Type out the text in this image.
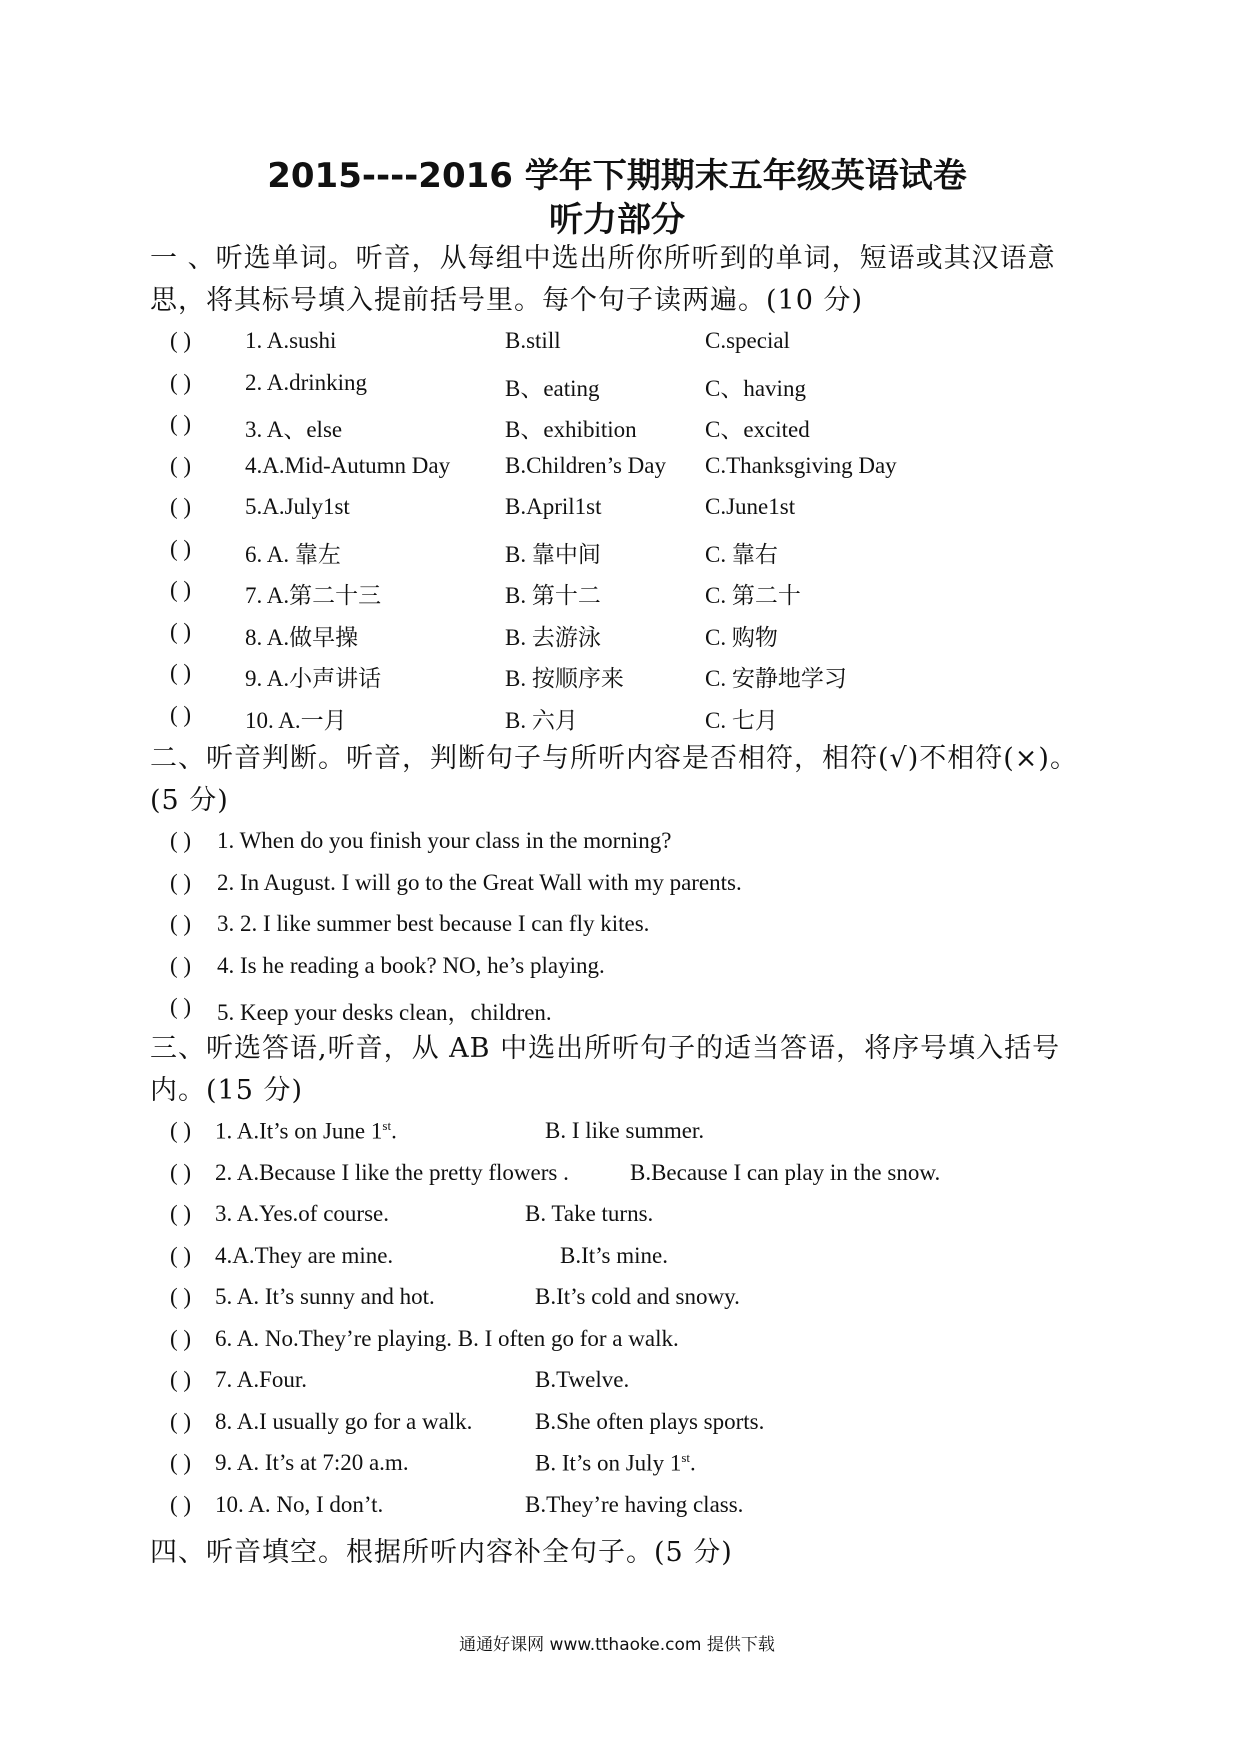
2015----2016 学年下期期末五年级英语试卷
听力部分
一 、听选单词。听音，从每组中选出所你所听到的单词，短语或其汉语意思，将其标号填入提前括号里。每个句子读两遍。(10 分)
( ) 1. A.sushi	B.still	C.special
( ) 2. A.drinking	B、eating	C、having
( ) 3. A、else	B、exhibition	C、excited
( ) 4.A.Mid-Autumn Day B.Children’s Day C.Thanksgiving Day
( ) 5.A.July1st	B.April1st	C.June1st
( ) 6. A. 靠左	B. 靠中间	C. 靠右
( ) 7. A.第二十三	B. 第十二	C. 第二十
( ) 8. A.做早操	B. 去游泳	C. 购物
( ) 9. A.小声讲话	B. 按顺序来	C. 安静地学习
( ) 10. A.一月	B. 六月	C. 七月
二、听音判断。听音，判断句子与所听内容是否相符，相符(√)不相符(×)。(5 分)
( ) 1. When do you finish your class in the morning?
( ) 2. In August. I will go to the Great Wall with my parents.
( ) 3. 2. I like summer best because I can fly kites.
( ) 4. Is he reading a book? NO, he’s playing.
( ) 5. Keep your desks clean，children.
三、听选答语,听音，从 AB 中选出所听句子的适当答语，将序号填入括号内。(15 分)
( ) 1. A.It’s on June 1st.	B. I like summer.
( ) 2. A.Because I like the pretty flowers .	B.Because I can play in the snow.
( ) 3. A.Yes.of course.	B. Take turns.
( ) 4.A.They are mine.	B.It’s mine.
( ) 5. A. It’s sunny and hot.	B.It’s cold and snowy.
( ) 6. A. No.They’re playing. B. I often go for a walk.
( ) 7. A.Four.	B.Twelve.
( ) 8. A.I usually go for a walk.	B.She often plays sports.
( ) 9. A. It’s at 7:20 a.m.	B. It’s on July 1st.
( ) 10. A. No, I don’t.	B.They’re having class.
四、听音填空。根据所听内容补全句子。(5 分)
通通好课网 www.tthaoke.com 提供下载
